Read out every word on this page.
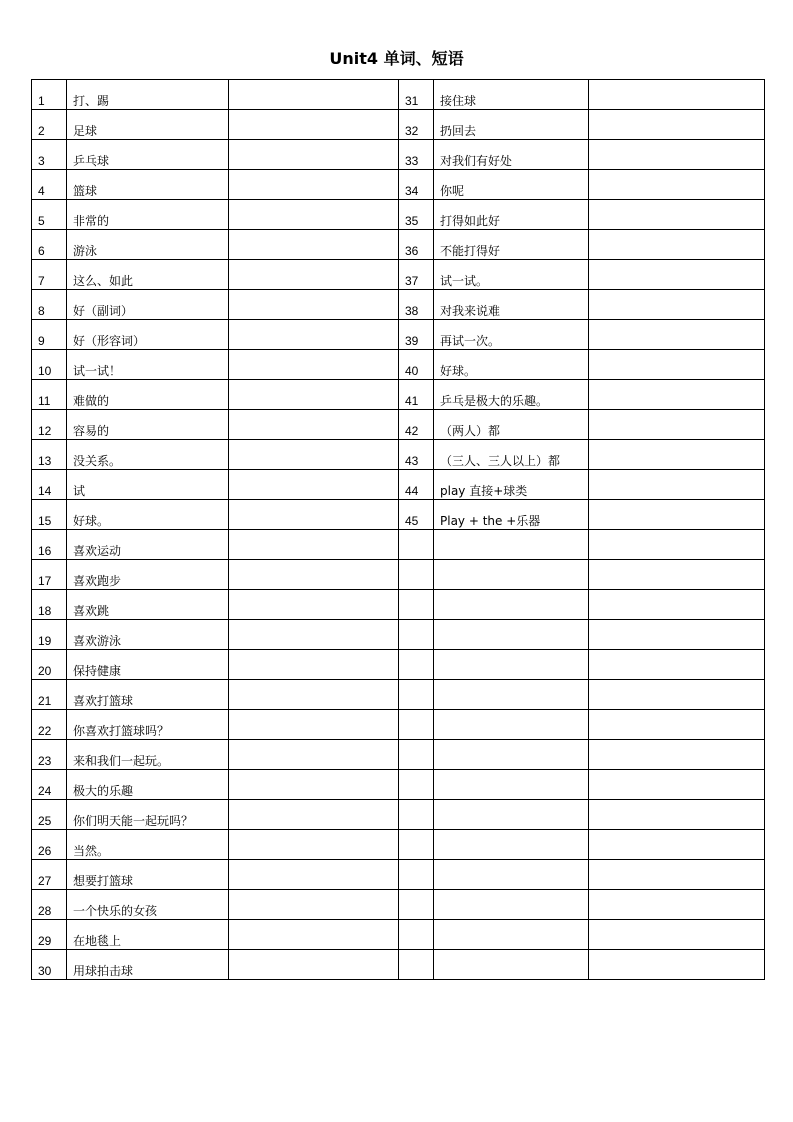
Unit4 单词、短语
1	打、踢		31	接住球	
2	足球		32	扔回去	
3	乒乓球		33	对我们有好处	
4	篮球		34	你呢	
5	非常的		35	打得如此好	
6	游泳		36	不能打得好	
7	这么、如此		37	试一试。	
8	好（副词）		38	对我来说难	
9	好（形容词）		39	再试一次。	
10	试一试！		40	好球。	
11	难做的		41	乒乓是极大的乐趣。	
12	容易的		42	（两人）都	
13	没关系。		43	（三人、三人以上）都	
14	试		44	play 直接+球类	
15	好球。		45	Play + the +乐器	
16	喜欢运动				
17	喜欢跑步				
18	喜欢跳				
19	喜欢游泳				
20	保持健康				
21	喜欢打篮球				
22	你喜欢打篮球吗？				
23	来和我们一起玩。				
24	极大的乐趣				
25	你们明天能一起玩吗？				
26	当然。				
27	想要打篮球				
28	一个快乐的女孩				
29	在地毯上				
30	用球拍击球				
